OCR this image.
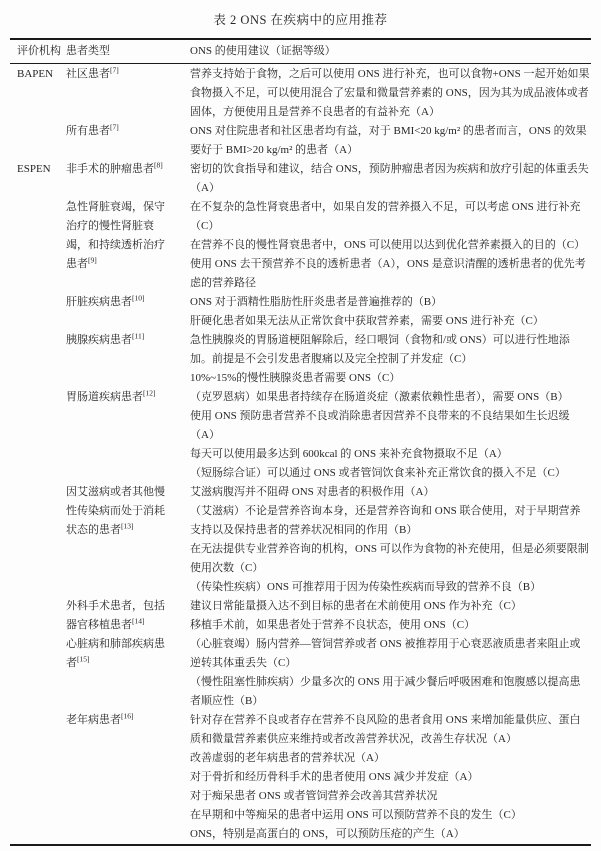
表 2 ONS 在疾病中的应用推荐
评价机构	患者类型	ONS 的使用建议（证据等级）
BAPEN	社区患者[7]	营养支持始于食物，之后可以使用 ONS 进行补充，也可以食物+ONS 一起开始如果食物摄入不足，可以使用混合了宏量和微量营养素的 ONS，因为其为成品液体或者固体，方便使用且是营养不良患者的有益补充（A）

	所有患者[7]	ONS 对住院患者和社区患者均有益，对于 BMI<20 kg/m² 的患者而言，ONS 的效果要好于 BMI>20 kg/m² 的患者（A）

ESPEN	非手术的肿瘤患者[8]	密切的饮食指导和建议，结合 ONS，预防肿瘤患者因为疾病和放疗引起的体重丢失（A）

	急性肾脏衰竭，保守治疗的慢性肾脏衰竭，和持续透析治疗患者[9]	在不复杂的急性肾衰患者中，如果自发的营养摄入不足，可以考虑 ONS 进行补充（C）
在营养不良的慢性肾衰患者中，ONS 可以使用以达到优化营养素摄入的目的（C）
使用 ONS 去干预营养不良的透析患者（A），ONS 是意识清醒的透析患者的优先考虑的营养路径

	肝脏疾病患者[10]	ONS 对于酒精性脂肪性肝炎患者是普遍推荐的（B）
肝硬化患者如果无法从正常饮食中获取营养素，需要 ONS 进行补充（C）

	胰腺疾病患者[11]	急性胰腺炎的胃肠道梗阻解除后，经口喂饲（食物和/或 ONS）可以进行性地添加。前提是不会引发患者腹痛以及完全控制了并发症（C）
10%~15%的慢性胰腺炎患者需要 ONS（C）

	胃肠道疾病患者[12]	（克罗恩病）如果患者持续存在肠道炎症（激素依赖性患者），需要 ONS（B）
使用 ONS 预防患者营养不良或消除患者因营养不良带来的不良结果如生长迟缓（A）
每天可以使用最多达到 600kcal 的 ONS 来补充食物摄取不足（A）
（短肠综合证）可以通过 ONS 或者管饲饮食来补充正常饮食的摄入不足（C）

	因艾滋病或者其他慢性传染病而处于消耗状态的患者[13]	艾滋病腹泻并不阻碍 ONS 对患者的积极作用（A）
（艾滋病）不论是营养咨询本身，还是营养咨询和 ONS 联合使用，对于早期营养支持以及保持患者的营养状况相同的作用（B）
在无法提供专业营养咨询的机构，ONS 可以作为食物的补充使用，但是必须要限制使用次数（C）
（传染性疾病）ONS 可推荐用于因为传染性疾病而导致的营养不良（B）

	外科手术患者，包括器官移植患者[14]	建议日常能量摄入达不到目标的患者在术前使用 ONS 作为补充（C）
移植手术前，如果患者处于营养不良状态，使用 ONS（C）

	心脏病和肺部疾病患者[15]	（心脏衰竭）肠内营养—管饲营养或者 ONS 被推荐用于心衰恶液质患者来阻止或逆转其体重丢失（C）
（慢性阻塞性肺疾病）少量多次的 ONS 用于减少餐后呼吸困难和饱腹感以提高患者顺应性（B）

	老年病患者[16]	针对存在营养不良或者存在营养不良风险的患者食用 ONS 来增加能量供应、蛋白质和微量营养素供应来维持或者改善营养状况，改善生存状况（A）
改善虚弱的老年病患者的营养状况（A）
对于骨折和经历骨科手术的患者使用 ONS 减少并发症（A）
对于痴呆患者 ONS 或者管饲营养会改善其营养状况
在早期和中等痴呆的患者中运用 ONS 可以预防营养不良的发生（C）
ONS，特别是高蛋白的 ONS，可以预防压疮的产生（A）
